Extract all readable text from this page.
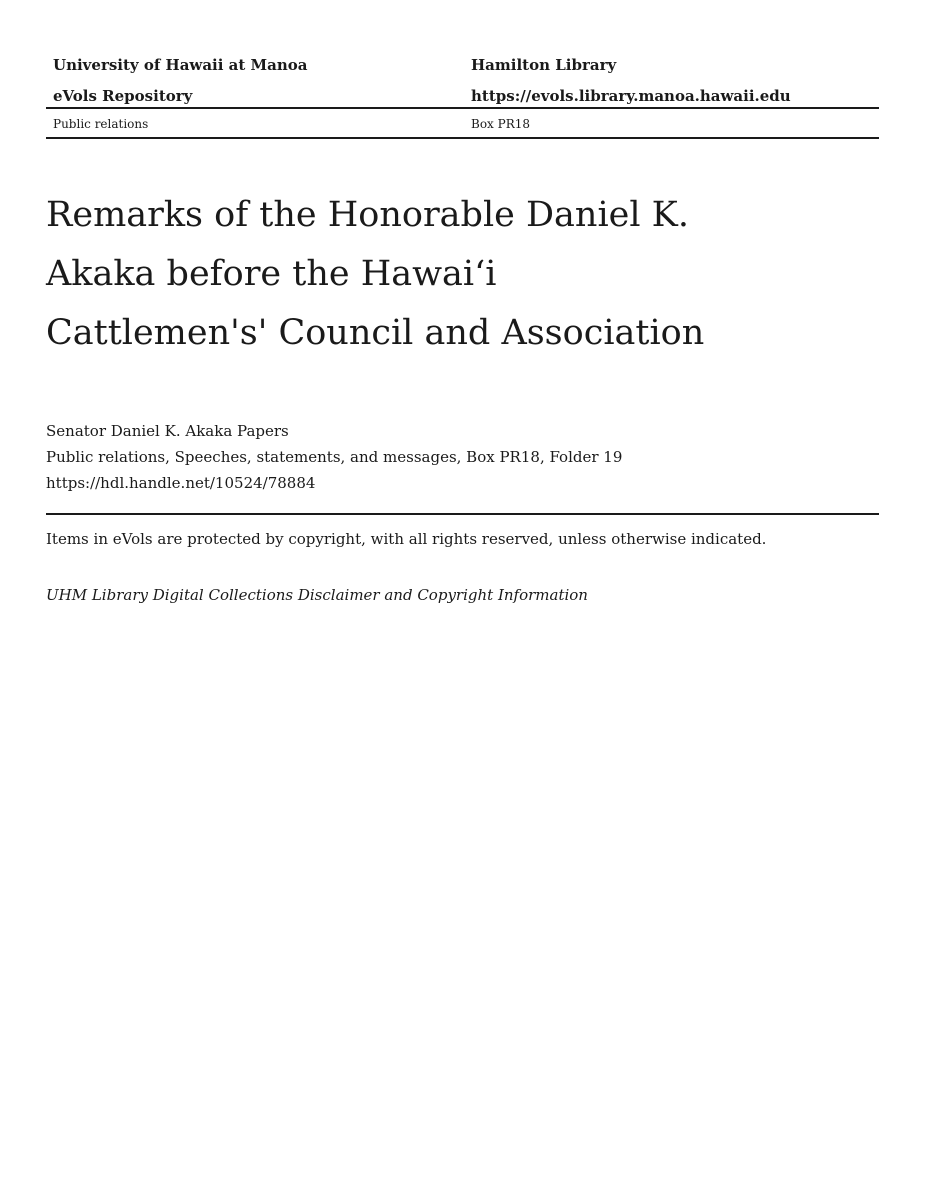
University of Hawaii at Manoa	Hamilton Library
eVols Repository	https://evols.library.manoa.hawaii.edu
Public relations	Box PR18
Remarks of the Honorable Daniel K.
Akaka before the Hawaiʻi
Cattlemen's' Council and Association
Senator Daniel K. Akaka Papers
Public relations, Speeches, statements, and messages, Box PR18, Folder 19
https://hdl.handle.net/10524/78884
Items in eVols are protected by copyright, with all rights reserved, unless otherwise indicated.
UHM Library Digital Collections Disclaimer and Copyright Information
